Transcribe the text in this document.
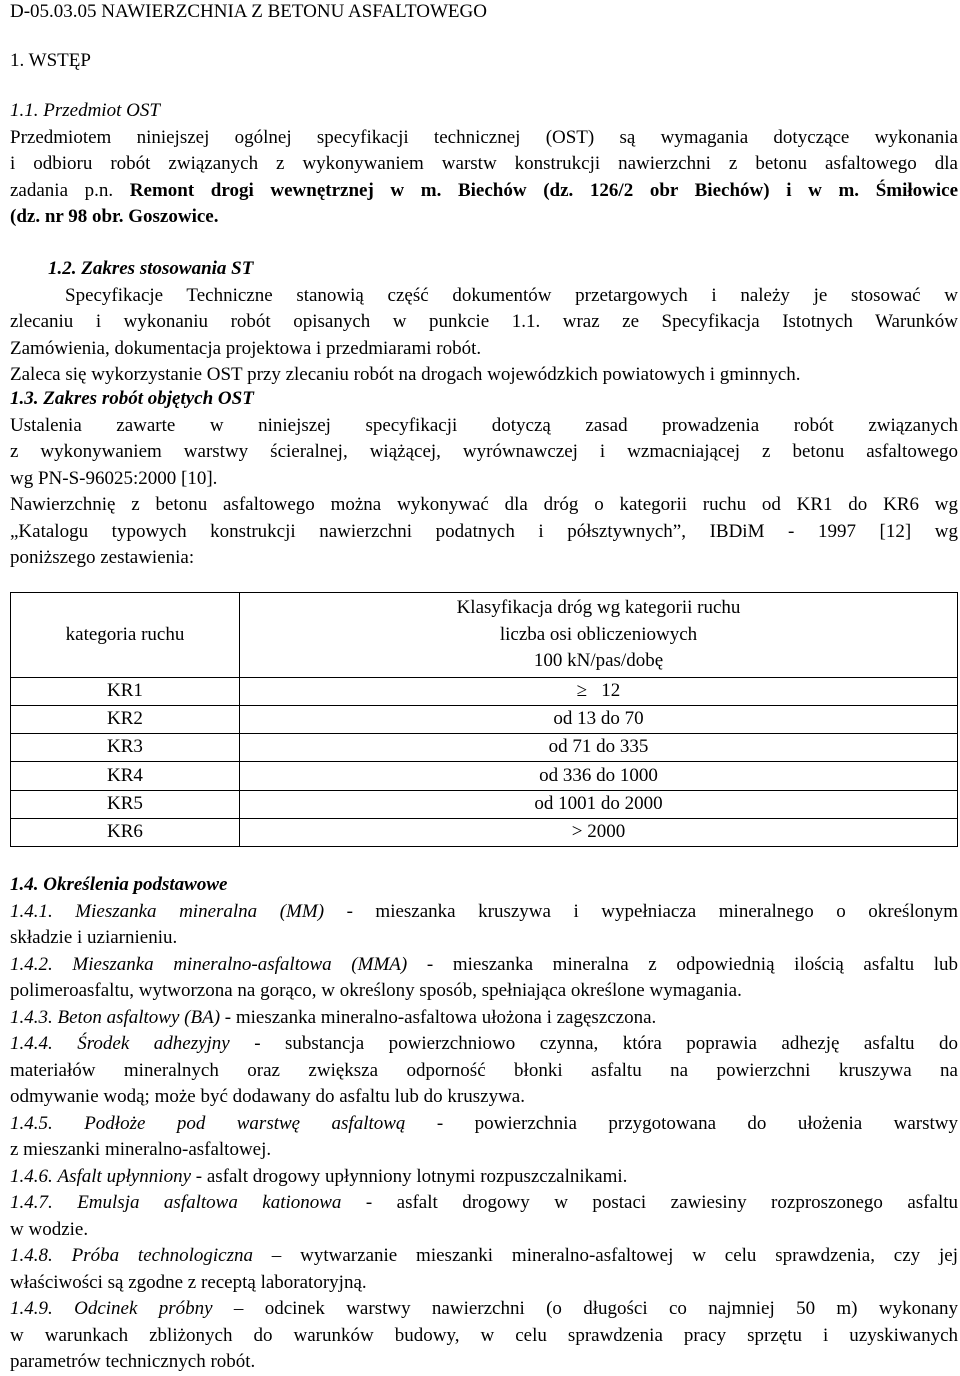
D-05.03.05 NAWIERZCHNIA Z BETONU ASFALTOWEGO
1. WSTĘP
1.1. Przedmiot OST
Przedmiotem niniejszej ogólnej specyfikacji technicznej (OST) są wymagania dotyczące wykonania
i odbioru robót związanych z wykonywaniem warstw konstrukcji nawierzchni z betonu asfaltowego dla
zadania p.n. Remont drogi wewnętrznej w m. Biechów (dz. 126/2 obr Biechów) i w m. Śmiłowice
(dz. nr 98 obr. Goszowice.
1.2. Zakres stosowania ST
Specyfikacje Techniczne stanowią część dokumentów przetargowych i należy je stosować w
zlecaniu i wykonaniu robót opisanych w punkcie 1.1. wraz ze Specyfikacja Istotnych Warunków
Zamówienia, dokumentacja projektowa i przedmiarami robót.
Zaleca się wykorzystanie OST przy zlecaniu robót na drogach wojewódzkich powiatowych i gminnych.
1.3. Zakres robót objętych OST
Ustalenia zawarte w niniejszej specyfikacji dotyczą zasad prowadzenia robót związanych
z wykonywaniem warstwy ścieralnej, wiążącej, wyrównawczej i wzmacniającej z betonu asfaltowego
wg PN-S-96025:2000 [10].
Nawierzchnię z betonu asfaltowego można wykonywać dla dróg o kategorii ruchu od KR1 do KR6 wg
„Katalogu typowych konstrukcji nawierzchni podatnych i półsztywnych”, IBDiM - 1997 [12] wg
poniższego zestawienia:
kategoria ruchu	Klasyfikacja dróg wg kategorii ruchu
	liczba osi obliczeniowych
100 kN/pas/dobę
KR1	≥ 12
KR2	od 13 do 70
KR3	od 71 do 335
KR4	od 336 do 1000
KR5	od 1001 do 2000
KR6	> 2000
1.4. Określenia podstawowe
1.4.1. Mieszanka mineralna (MM) - mieszanka kruszywa i wypełniacza mineralnego o określonym
składzie i uziarnieniu.
1.4.2. Mieszanka mineralno-asfaltowa (MMA) - mieszanka mineralna z odpowiednią ilością asfaltu lub
polimeroasfaltu, wytworzona na gorąco, w określony sposób, spełniająca określone wymagania.
1.4.3. Beton asfaltowy (BA) - mieszanka mineralno-asfaltowa ułożona i zagęszczona.
1.4.4. Środek adhezyjny - substancja powierzchniowo czynna, która poprawia adhezję asfaltu do
materiałów mineralnych oraz zwiększa odporność błonki asfaltu na powierzchni kruszywa na
odmywanie wodą; może być dodawany do asfaltu lub do kruszywa.
1.4.5. Podłoże pod warstwę asfaltową - powierzchnia przygotowana do ułożenia warstwy
z mieszanki mineralno-asfaltowej.
1.4.6. Asfalt upłynniony - asfalt drogowy upłynniony lotnymi rozpuszczalnikami.
1.4.7. Emulsja asfaltowa kationowa - asfalt drogowy w postaci zawiesiny rozproszonego asfaltu
w wodzie.
1.4.8. Próba technologiczna – wytwarzanie mieszanki mineralno-asfaltowej w celu sprawdzenia, czy jej
właściwości są zgodne z receptą laboratoryjną.
1.4.9. Odcinek próbny – odcinek warstwy nawierzchni (o długości co najmniej 50 m) wykonany
w warunkach zbliżonych do warunków budowy, w celu sprawdzenia pracy sprzętu i uzyskiwanych
parametrów technicznych robót.
